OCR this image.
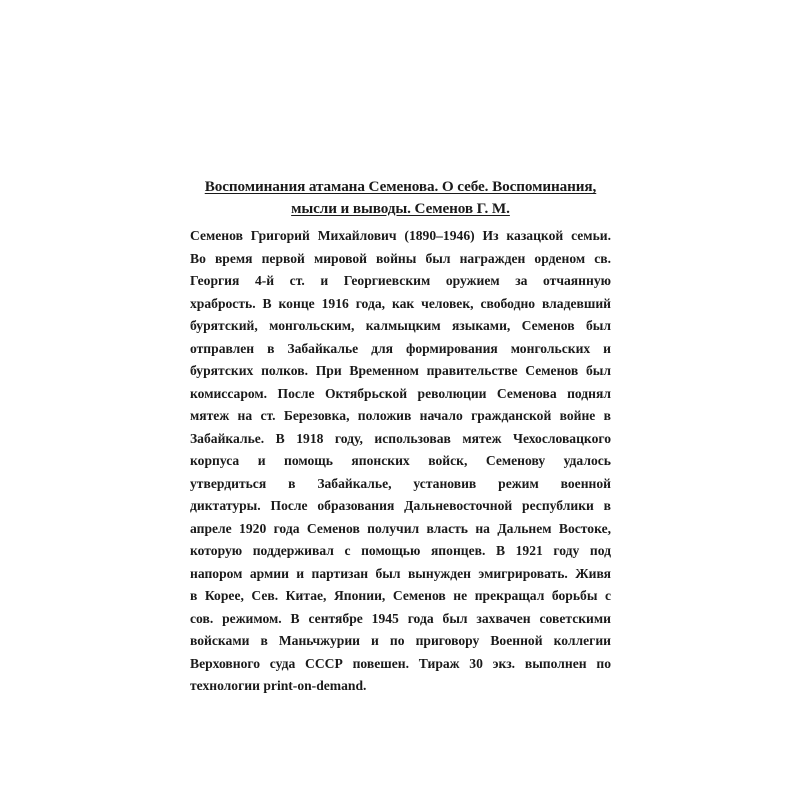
Воспоминания атамана Семенова. О себе. Воспоминания,
мысли и выводы. Семенов Г. М.
Семенов Григорий Михайлович (1890–1946) Из казацкой семьи.
Во время первой мировой войны был награжден орденом св.
Георгия 4-й ст. и Георгиевским оружием за отчаянную
храбрость. В конце 1916 года, как человек, свободно владевший
бурятский, монгольским, калмыцким языками, Семенов был
отправлен в Забайкалье для формирования монгольских и
бурятских полков. При Временном правительстве Семенов был
комиссаром. После Октябрьской революции Семенова поднял
мятеж на ст. Березовка, положив начало гражданской войне в
Забайкалье. В 1918 году, использовав мятеж Чехословацкого
корпуса и помощь японских войск, Семенову удалось
утвердиться в Забайкалье, установив режим военной
диктатуры. После образования Дальневосточной республики в
апреле 1920 года Семенов получил власть на Дальнем Востоке,
которую поддерживал с помощью японцев. В 1921 году под
напором армии и партизан был вынужден эмигрировать. Живя
в Корее, Сев. Китае, Японии, Семенов не прекращал борьбы с
сов. режимом. В сентябре 1945 года был захвачен советскими
войсками в Маньчжурии и по приговору Военной коллегии
Верховного суда СССР повешен. Тираж 30 экз. выполнен по
технологии print-on-demand.
